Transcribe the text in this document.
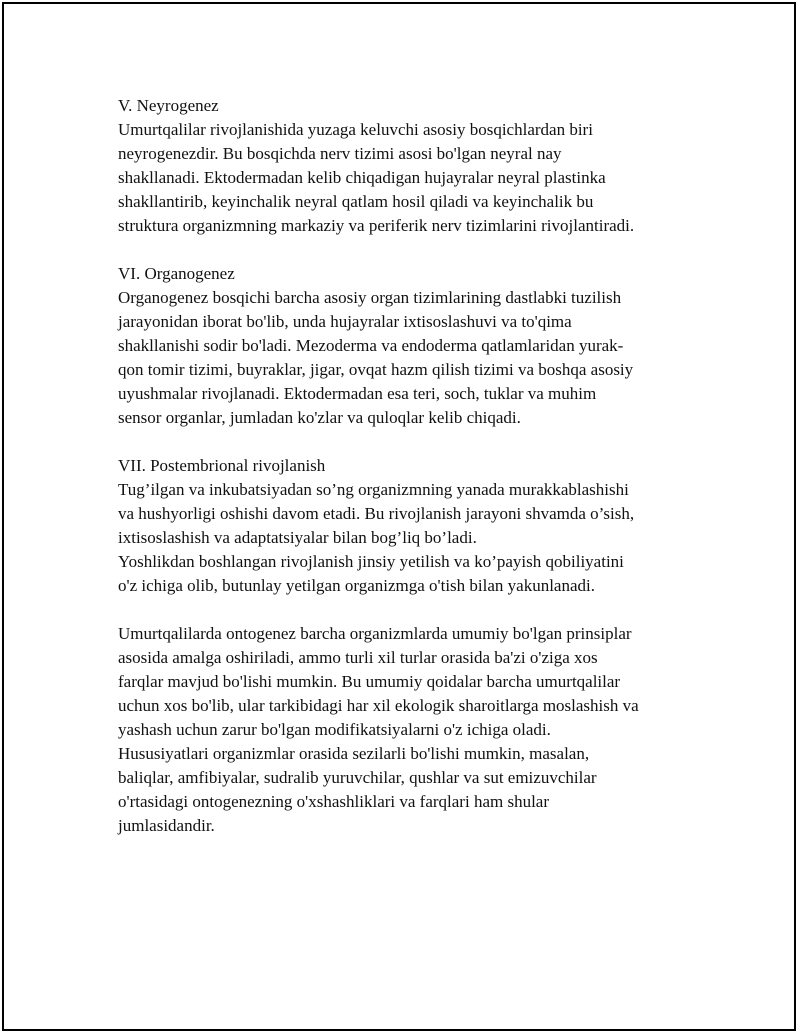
V. Neyrogenez
Umurtqalilar rivojlanishida yuzaga keluvchi asosiy bosqichlardan biri
neyrogenezdir. Bu bosqichda nerv tizimi asosi bo'lgan neyral nay
shakllanadi. Ektodermadan kelib chiqadigan hujayralar neyral plastinka
shakllantirib, keyinchalik neyral qatlam hosil qiladi va keyinchalik bu
struktura organizmning markaziy va periferik nerv tizimlarini rivojlantiradi.
VI. Organogenez
Organogenez bosqichi barcha asosiy organ tizimlarining dastlabki tuzilish
jarayonidan iborat bo'lib, unda hujayralar ixtisoslashuvi va to'qima
shakllanishi sodir bo'ladi. Mezoderma va endoderma qatlamlaridan yurak-
qon tomir tizimi, buyraklar, jigar, ovqat hazm qilish tizimi va boshqa asosiy
uyushmalar rivojlanadi. Ektodermadan esa teri, soch, tuklar va muhim
sensor organlar, jumladan ko'zlar va quloqlar kelib chiqadi.
VII. Postembrional rivojlanish
Tug’ilgan va inkubatsiyadan so’ng organizmning yanada murakkablashishi
va hushyorligi oshishi davom etadi. Bu rivojlanish jarayoni shvamda o’sish,
ixtisoslashish va adaptatsiyalar bilan bog’liq bo’ladi.
Yoshlikdan boshlangan rivojlanish jinsiy yetilish va ko’payish qobiliyatini
o'z ichiga olib, butunlay yetilgan organizmga o'tish bilan yakunlanadi.
Umurtqalilarda ontogenez barcha organizmlarda umumiy bo'lgan prinsiplar
asosida amalga oshiriladi, ammo turli xil turlar orasida ba'zi o'ziga xos
farqlar mavjud bo'lishi mumkin. Bu umumiy qoidalar barcha umurtqalilar
uchun xos bo'lib, ular tarkibidagi har xil ekologik sharoitlarga moslashish va
yashash uchun zarur bo'lgan modifikatsiyalarni o'z ichiga oladi.
Hususiyatlari organizmlar orasida sezilarli bo'lishi mumkin, masalan,
baliqlar, amfibiyalar, sudralib yuruvchilar, qushlar va sut emizuvchilar
o'rtasidagi ontogenezning o'xshashliklari va farqlari ham shular
jumlasidandir.
